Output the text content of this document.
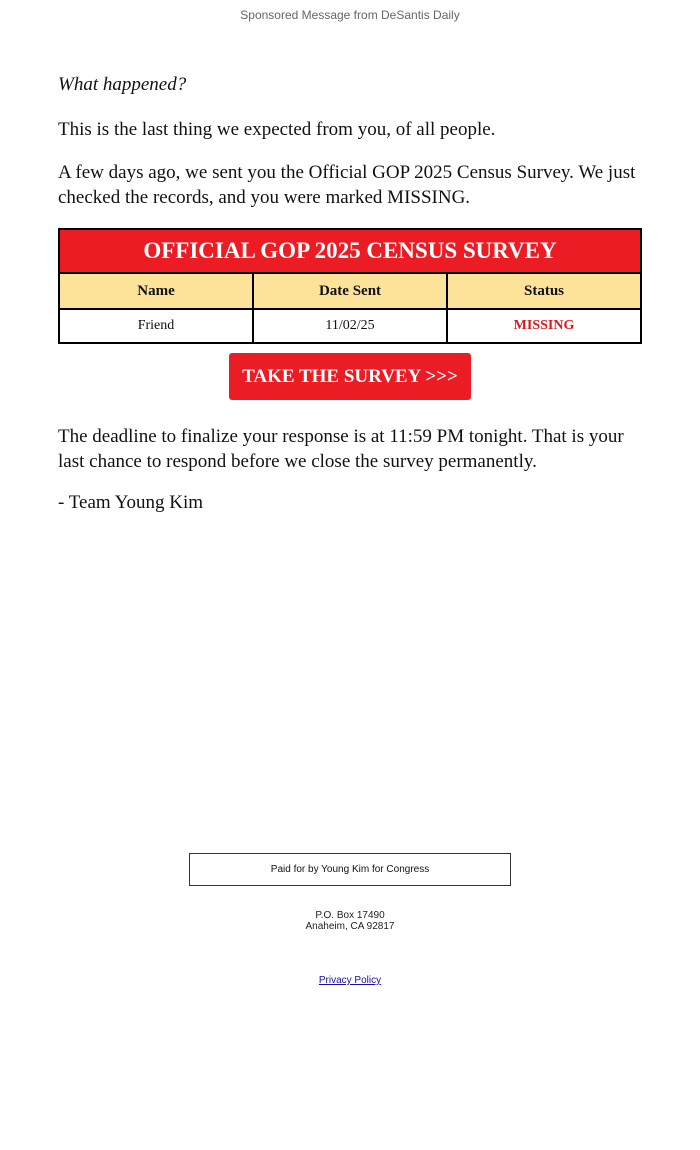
Sponsored Message from DeSantis Daily

What happened?

This is the last thing we expected from you, of all people.

A few days ago, we sent you the Official GOP 2025 Census Survey. We just checked the records, and you were marked MISSING.

OFFICIAL GOP 2025 CENSUS SURVEY		
Name	Date Sent	Status
Friend	11/02/25	MISSING
TAKE THE SURVEY >>>

The deadline to finalize your response is at 11:59 PM tonight. That is your last chance to respond before we close the survey permanently.

- Team Young Kim

Paid for by Young Kim for Congress
P.O. Box 17490
Anaheim, CA 92817
Privacy Policy
